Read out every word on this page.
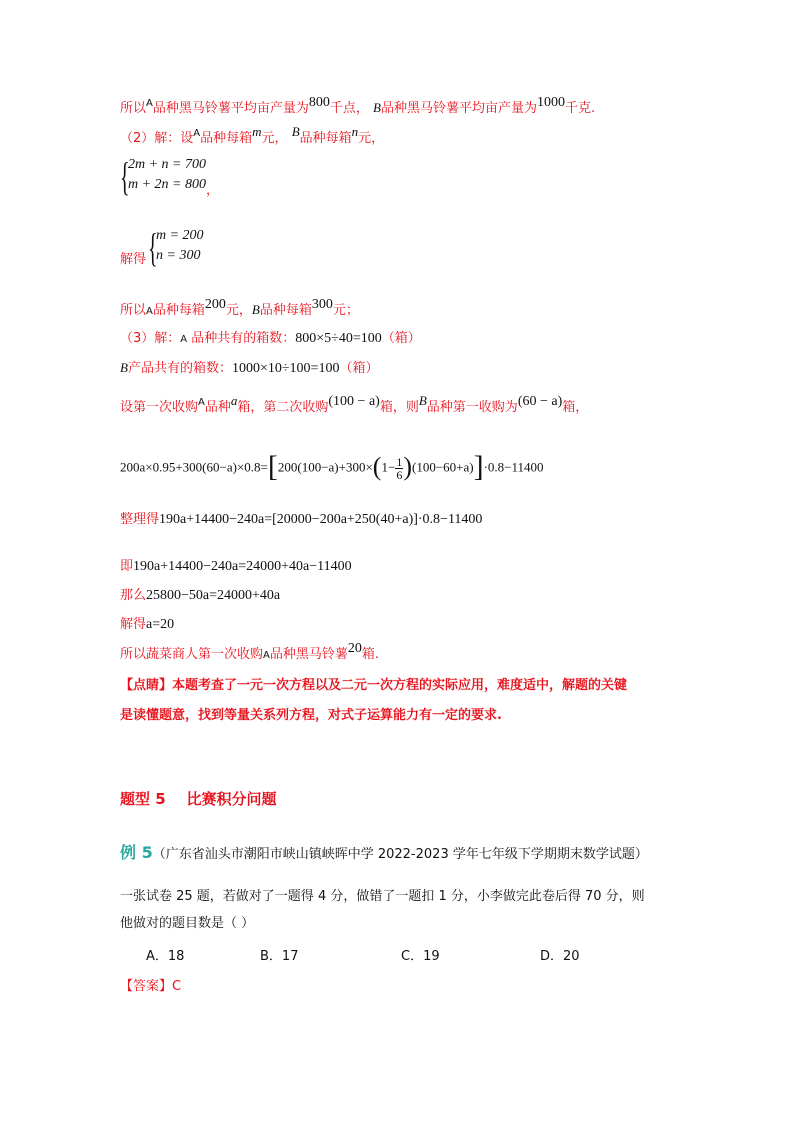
所以$^A$品种黑马铃薯平均亩产量为800千点， B品种黑马铃薯平均亩产量为1000千克.
（2）解：设$^A$品种每箱m元， B品种每箱n元，
{
2m + n = 700
m + 2n = 800 ，
解得 {
m = 200
n = 300
所以A品种每箱200元，B品种每箱300元；
（3）解：A 品种共有的箱数：800×5÷40=100（箱）
B产品共有的箱数：1000×10÷100=100（箱）
设第一次收购$^A$品种a箱，第二次收购(100 − a)箱，则B品种第一收购为(60 − a)箱，
$200a\times 0.95+300(60-a)\times 0.8=[200(100-a)+300\times(1- \frac{1}{6} )(100-60+a)]\cdot 0.8-11400$
整理得190a+14400−240a=[20000−200a+250(40+a)]·0.8−11400
即190a+14400−240a=24000+40a−11400
那么25800−50a=24000+40a
解得a=20
所以蔬菜商人第一次收购A品种黑马铃薯20箱.
【点睛】本题考查了一元一次方程以及二元一次方程的实际应用，难度适中，解题的关键
是读懂题意，找到等量关系列方程，对式子运算能力有一定的要求.
题型 5    比赛积分问题
例 5（广东省汕头市潮阳市峡山镇峡晖中学 2022-2023 学年七年级下学期期末数学试题）
一张试卷 25 题，若做对了一题得 4 分，做错了一题扣 1 分，小李做完此卷后得 70 分，则
他做对的题目数是（ ）
A．18	B．17	C．19	D．20
【答案】C
